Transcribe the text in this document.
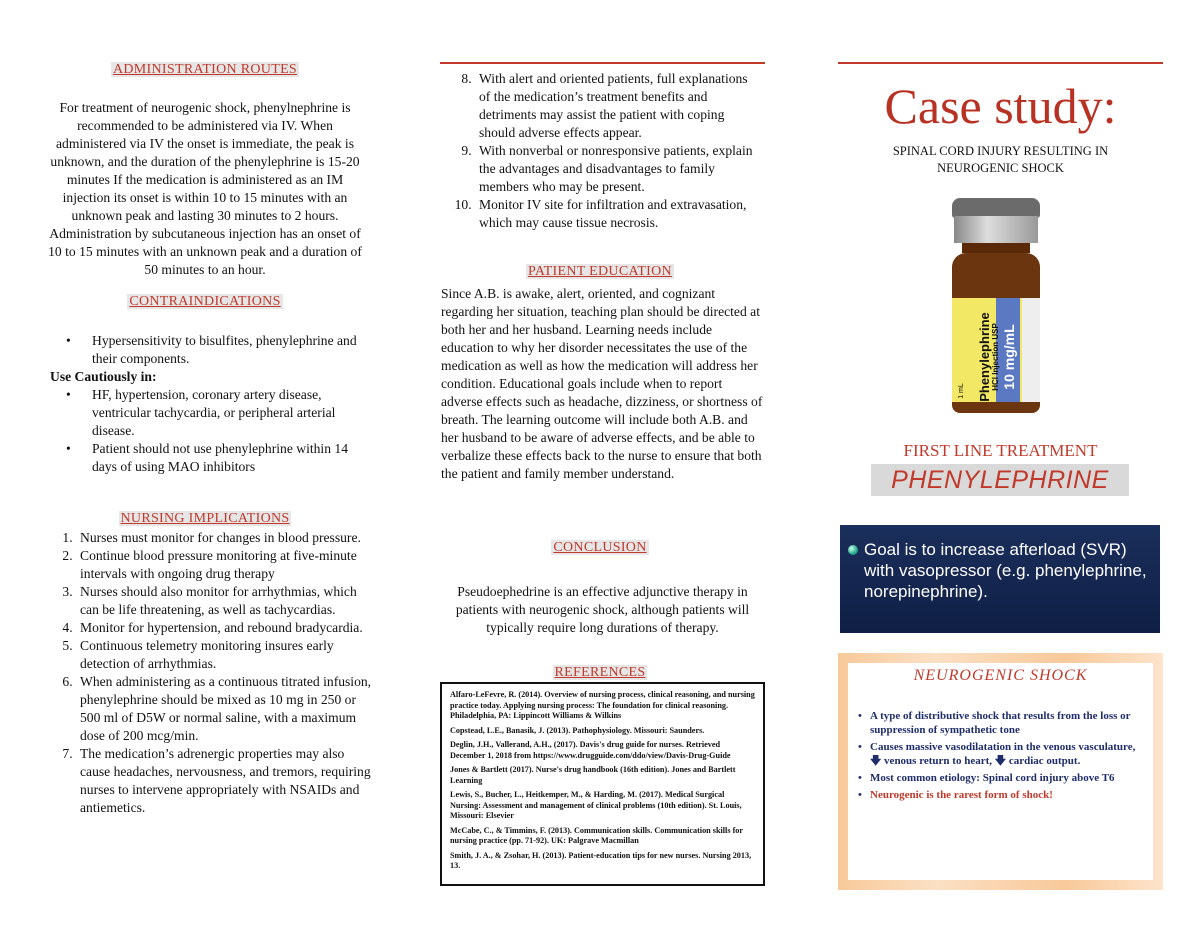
ADMINISTRATION ROUTES

For treatment of neurogenic shock, phenylnephrine is recommended to be administered via IV. When administered via IV the onset is immediate, the peak is unknown, and the duration of the phenylephrine is 15-20 minutes If the medication is administered as an IM injection its onset is within 10 to 15 minutes with an unknown peak and lasting 30 minutes to 2 hours. Administration by subcutaneous injection has an onset of 10 to 15 minutes with an unknown peak and a duration of 50 minutes to an hour.

CONTRAINDICATIONS
• Hypersensitivity to bisulfites, phenylephrine and their components.
Use Cautiously in:
• HF, hypertension, coronary artery disease, ventricular tachycardia, or peripheral arterial disease.
• Patient should not use phenylephrine within 14 days of using MAO inhibitors
NURSING IMPLICATIONS
1. Nurses must monitor for changes in blood pressure.
2. Continue blood pressure monitoring at five-minute intervals with ongoing drug therapy
3. Nurses should also monitor for arrhythmias, which can be life threatening, as well as tachycardias.
4. Monitor for hypertension, and rebound bradycardia.
5. Continuous telemetry monitoring insures early detection of arrhythmias.
6. When administering as a continuous titrated infusion, phenylephrine should be mixed as 10 mg in 250 or 500 ml of D5W or normal saline, with a maximum dose of 200 mcg/min.
7. The medication’s adrenergic properties may also cause headaches, nervousness, and tremors, requiring nurses to intervene appropriately with NSAIDs and antiemetics.
8. With alert and oriented patients, full explanations of the medication’s treatment benefits and detriments may assist the patient with coping should adverse effects appear.
9. With nonverbal or nonresponsive patients, explain the advantages and disadvantages to family members who may be present.
10. Monitor IV site for infiltration and extravasation, which may cause tissue necrosis.
PATIENT EDUCATION

Since A.B. is awake, alert, oriented, and cognizant regarding her situation, teaching plan should be directed at both her and her husband. Learning needs include education to why her disorder necessitates the use of the medication as well as how the medication will address her condition. Educational goals include when to report adverse effects such as headache, dizziness, or shortness of breath. The learning outcome will include both A.B. and her husband to be aware of adverse effects, and be able to verbalize these effects back to the nurse to ensure that both the patient and family member understand.

CONCLUSION

Pseudoephedrine is an effective adjunctive therapy in patients with neurogenic shock, although patients will typically require long durations of therapy.

REFERENCES

Alfaro-LeFevre, R. (2014). Overview of nursing process, clinical reasoning, and nursing practice today. Applying nursing process: The foundation for clinical reasoning. Philadelphia, PA: Lippincott Williams & Wilkins

Copstead, L.E., Banasik, J. (2013). Pathophysiology. Missouri: Saunders.

Deglin, J.H., Vallerand, A.H., (2017). Davis's drug guide for nurses. Retrieved December 1, 2018 from https://www.drugguide.com/ddo/view/Davis-Drug-Guide

Jones & Bartlett (2017). Nurse's drug handbook (16th edition). Jones and Bartlett Learning

Lewis, S., Bucher, L., Heitkemper, M., & Harding, M. (2017). Medical Surgical Nursing: Assessment and management of clinical problems (10th edition). St. Louis, Missouri: Elsevier

McCabe, C., & Timmins, F. (2013). Communication skills. Communication skills for nursing practice (pp. 71-92). UK: Palgrave Macmillan

Smith, J. A., & Zsohar, H. (2013). Patient-education tips for new nurses. Nursing 2013, 13.

Case study:
SPINAL CORD INJURY RESULTING IN NEUROGENIC SHOCK
Phenylephrine HCl Injection USP 10 mg/mL
1 mL
FIRST LINE TREATMENT
PHENYLEPHRINE
Goal is to increase afterload (SVR) with vasopressor (e.g. phenylephrine, norepinephrine).
NEUROGENIC SHOCK
• A type of distributive shock that results from the loss or suppression of sympathetic tone
• Causes massive vasodilatation in the venous vasculature, 🡇 venous return to heart, 🡇 cardiac output.
• Most common etiology: Spinal cord injury above T6
• Neurogenic is the rarest form of shock!
